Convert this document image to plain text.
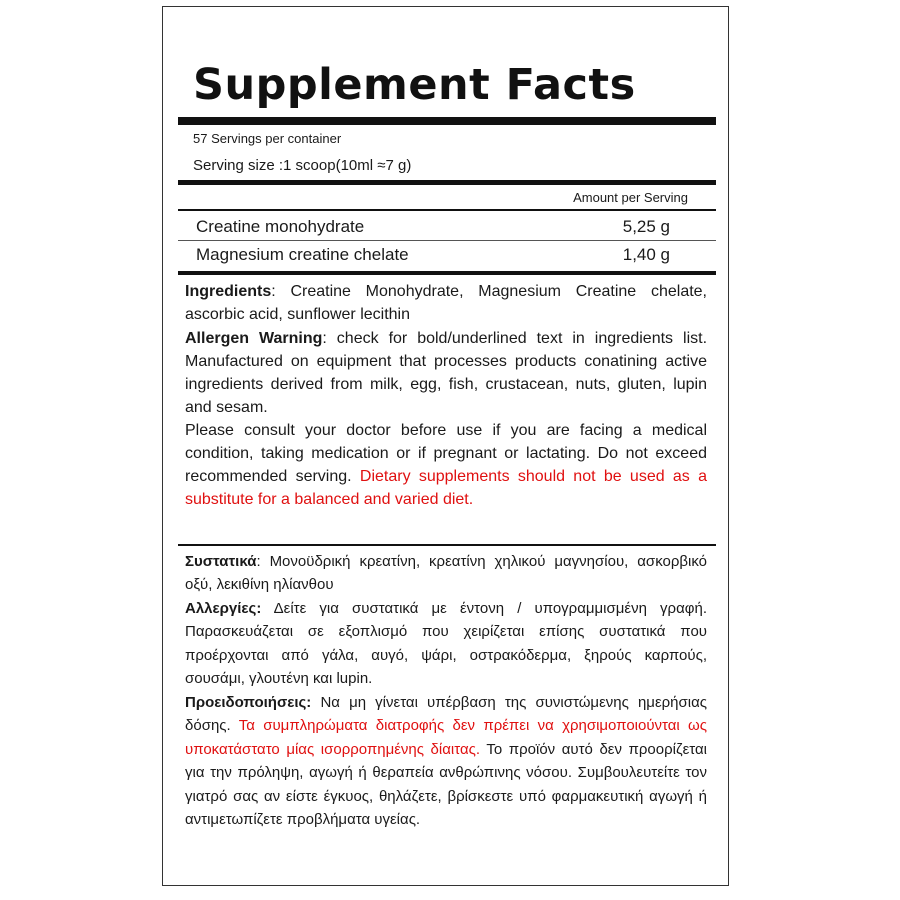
Supplement Facts
57 Servings per container
Serving size :1 scoop(10ml ≈7 g)
Amount per Serving
Creatine monohydrate	5,25 g
Magnesium creatine chelate	1,40 g

Ingredients: Creatine Monohydrate, Magnesium Creatine chelate, ascorbic acid, sunflower lecithin

Allergen Warning: check for bold/underlined text in ingredients list. Manufactured on equipment that processes products conatining active ingredients derived from milk, egg, fish, crustacean, nuts, gluten, lupin and sesam.

Please consult your doctor before use if you are facing a medical condition, taking medication or if pregnant or lactating. Do not exceed recommended serving. Dietary supplements should not be used as a substitute for a balanced and varied diet.

Συστατικά: Μονοϋδρική κρεατίνη, κρεατίνη χηλικού μαγνησίου, ασκορβικό οξύ, λεκιθίνη ηλίανθου

Αλλεργίες: Δείτε για συστατικά με έντονη / υπογραμμισμένη γραφή. Παρασκευάζεται σε εξοπλισμό που χειρίζεται επίσης συστατικά που προέρχονται από γάλα, αυγό, ψάρι, οστρακόδερμα, ξηρούς καρπούς, σουσάμι, γλουτένη και lupin.

Προειδοποιήσεις: Να μη γίνεται υπέρβαση της συνιστώμενης ημερήσιας δόσης. Τα συμπληρώματα διατροφής δεν πρέπει να χρησιμοποιούνται ως υποκατάστατο μίας ισορροπημένης δίαιτας. Το προϊόν αυτό δεν προορίζεται για την πρόληψη, αγωγή ή θεραπεία ανθρώπινης νόσου. Συμβουλευτείτε τον γιατρό σας αν είστε έγκυος, θηλάζετε, βρίσκεστε υπό φαρμακευτική αγωγή ή αντιμετωπίζετε προβλήματα υγείας.
